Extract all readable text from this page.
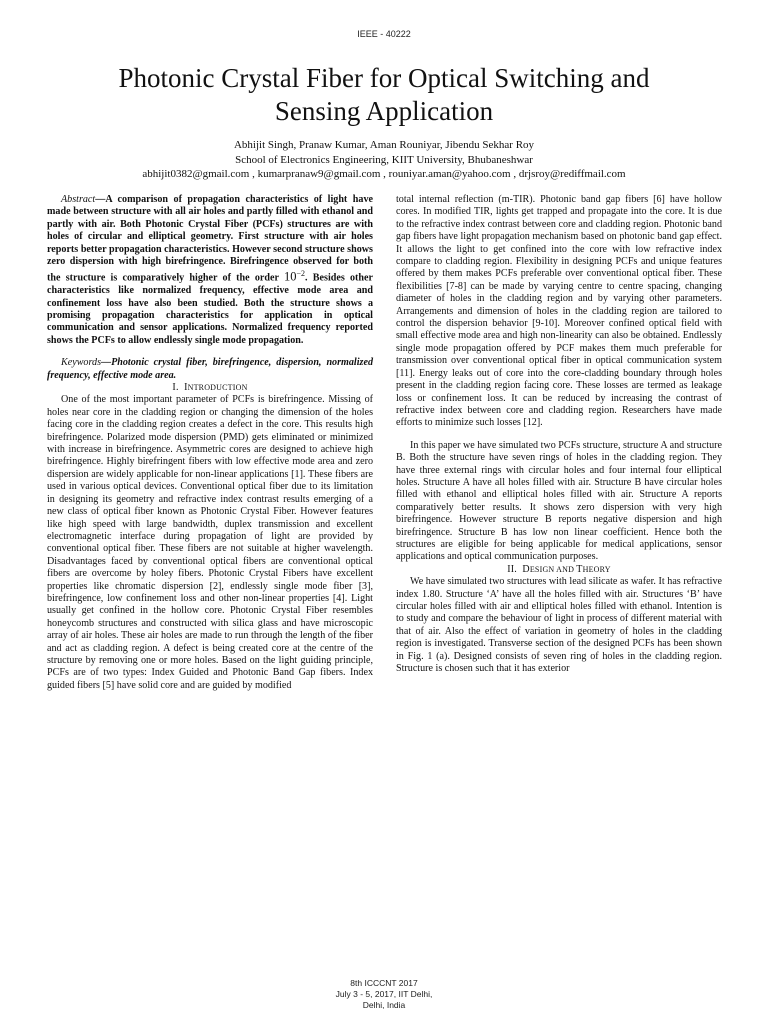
IEEE - 40222
Photonic Crystal Fiber for Optical Switching and
Sensing Application
Abhijit Singh, Pranaw Kumar, Aman Rouniyar, Jibendu Sekhar Roy
School of Electronics Engineering, KIIT University, Bhubaneshwar
abhijit0382@gmail.com , kumarpranaw9@gmail.com , rouniyar.aman@yahoo.com , drjsroy@rediffmail.com

Abstract—A comparison of propagation characteristics of light have made between structure with all air holes and partly filled with ethanol and partly with air. Both Photonic Crystal Fiber (PCFs) structures are with holes of circular and elliptical geometry. First structure with air holes reports better propagation characteristics. However second structure shows zero dispersion with high birefringence. Birefringence observed for both the structure is comparatively higher of the order $10^{-2}$. Besides other characteristics like normalized frequency, effective mode area and confinement loss have also been studied. Both the structure shows a promising propagation characteristics for application in optical communication and sensor applications. Normalized frequency reported shows the PCFs to allow endlessly single mode propagation.

Keywords—Photonic crystal fiber, birefringence, dispersion, normalized frequency, effective mode area.

I. INTRODUCTION

One of the most important parameter of PCFs is birefringence. Missing of holes near core in the cladding region or changing the dimension of the holes facing core in the cladding region creates a defect in the core. This results high birefringence. Polarized mode dispersion (PMD) gets eliminated or minimized with increase in birefringence. Asymmetric cores are designed to achieve high birefringence. Highly birefringent fibers with low effective mode area and zero dispersion are widely applicable for non-linear applications [1]. These fibers are used in various optical devices. Conventional optical fiber due to its limitation in designing its geometry and refractive index contrast results emerging of a new class of optical fiber known as Photonic Crystal Fiber. However features like high speed with large bandwidth, duplex transmission and excellent electromagnetic interface during propagation of light are provided by conventional optical fiber. These fibers are not suitable at higher wavelength. Disadvantages faced by conventional optical fibers are conventional optical fibers are overcome by holey fibers. Photonic Crystal Fibers have excellent properties like chromatic dispersion [2], endlessly single mode fiber [3], birefringence, low confinement loss and other non-linear properties [4]. Light usually get confined in the hollow core. Photonic Crystal Fiber resembles honeycomb structures and constructed with silica glass and have microscopic array of air holes. These air holes are made to run through the length of the fiber and act as cladding region. A defect is being created core at the centre of the structure by removing one or more holes. Based on the light guiding principle, PCFs are of two types: Index Guided and Photonic Band Gap fibers. Index guided fibers [5] have solid core and are guided by modified

total internal reflection (m-TIR). Photonic band gap fibers [6] have hollow cores. In modified TIR, lights get trapped and propagate into the core. It is due to the refractive index contrast between core and cladding region. Photonic band gap fibers have light propagation mechanism based on photonic band gap effect. It allows the light to get confined into the core with low refractive index compare to cladding region. Flexibility in designing PCFs and unique features offered by them makes PCFs preferable over conventional optical fiber. These flexibilities [7-8] can be made by varying centre to centre spacing, changing diameter of holes in the cladding region and by varying other parameters. Arrangements and dimension of holes in the cladding region are tailored to control the dispersion behavior [9-10]. Moreover confined optical field with small effective mode area and high non-linearity can also be obtained. Endlessly single mode propagation offered by PCF makes them much preferable for transmission over conventional optical fiber in optical communication system [11]. Energy leaks out of core into the core-cladding boundary through holes present in the cladding region facing core. These losses are termed as leakage loss or confinement loss. It can be reduced by increasing the contrast of refractive index between core and cladding region. Researchers have made efforts to minimize such losses [12].

In this paper we have simulated two PCFs structure, structure A and structure B. Both the structure have seven rings of holes in the cladding region. They have three external rings with circular holes and four internal four elliptical holes. Structure A have all holes filled with air. Structure B have circular holes filled with ethanol and elliptical holes filled with air. Structure A reports comparatively better results. It shows zero dispersion with very high birefringence. However structure B reports negative dispersion and high birefringence. Structure B has low non linear coefficient. Hence both the structures are eligible for being applicable for medical applications, sensor applications and optical communication purposes.

II. DESIGN AND THEORY

We have simulated two structures with lead silicate as wafer. It has refractive index 1.80. Structure ‘A’ have all the holes filled with air. Structures ‘B’ have circular holes filled with air and elliptical holes filled with ethanol. Intention is to study and compare the behaviour of light in process of different material with that of air. Also the effect of variation in geometry of holes in the cladding region is investigated. Transverse section of the designed PCFs has been shown in Fig. 1 (a). Designed consists of seven ring of holes in the cladding region. Structure is chosen such that it has exterior

8th ICCCNT 2017
July 3 - 5, 2017, IIT Delhi,
Delhi, India
